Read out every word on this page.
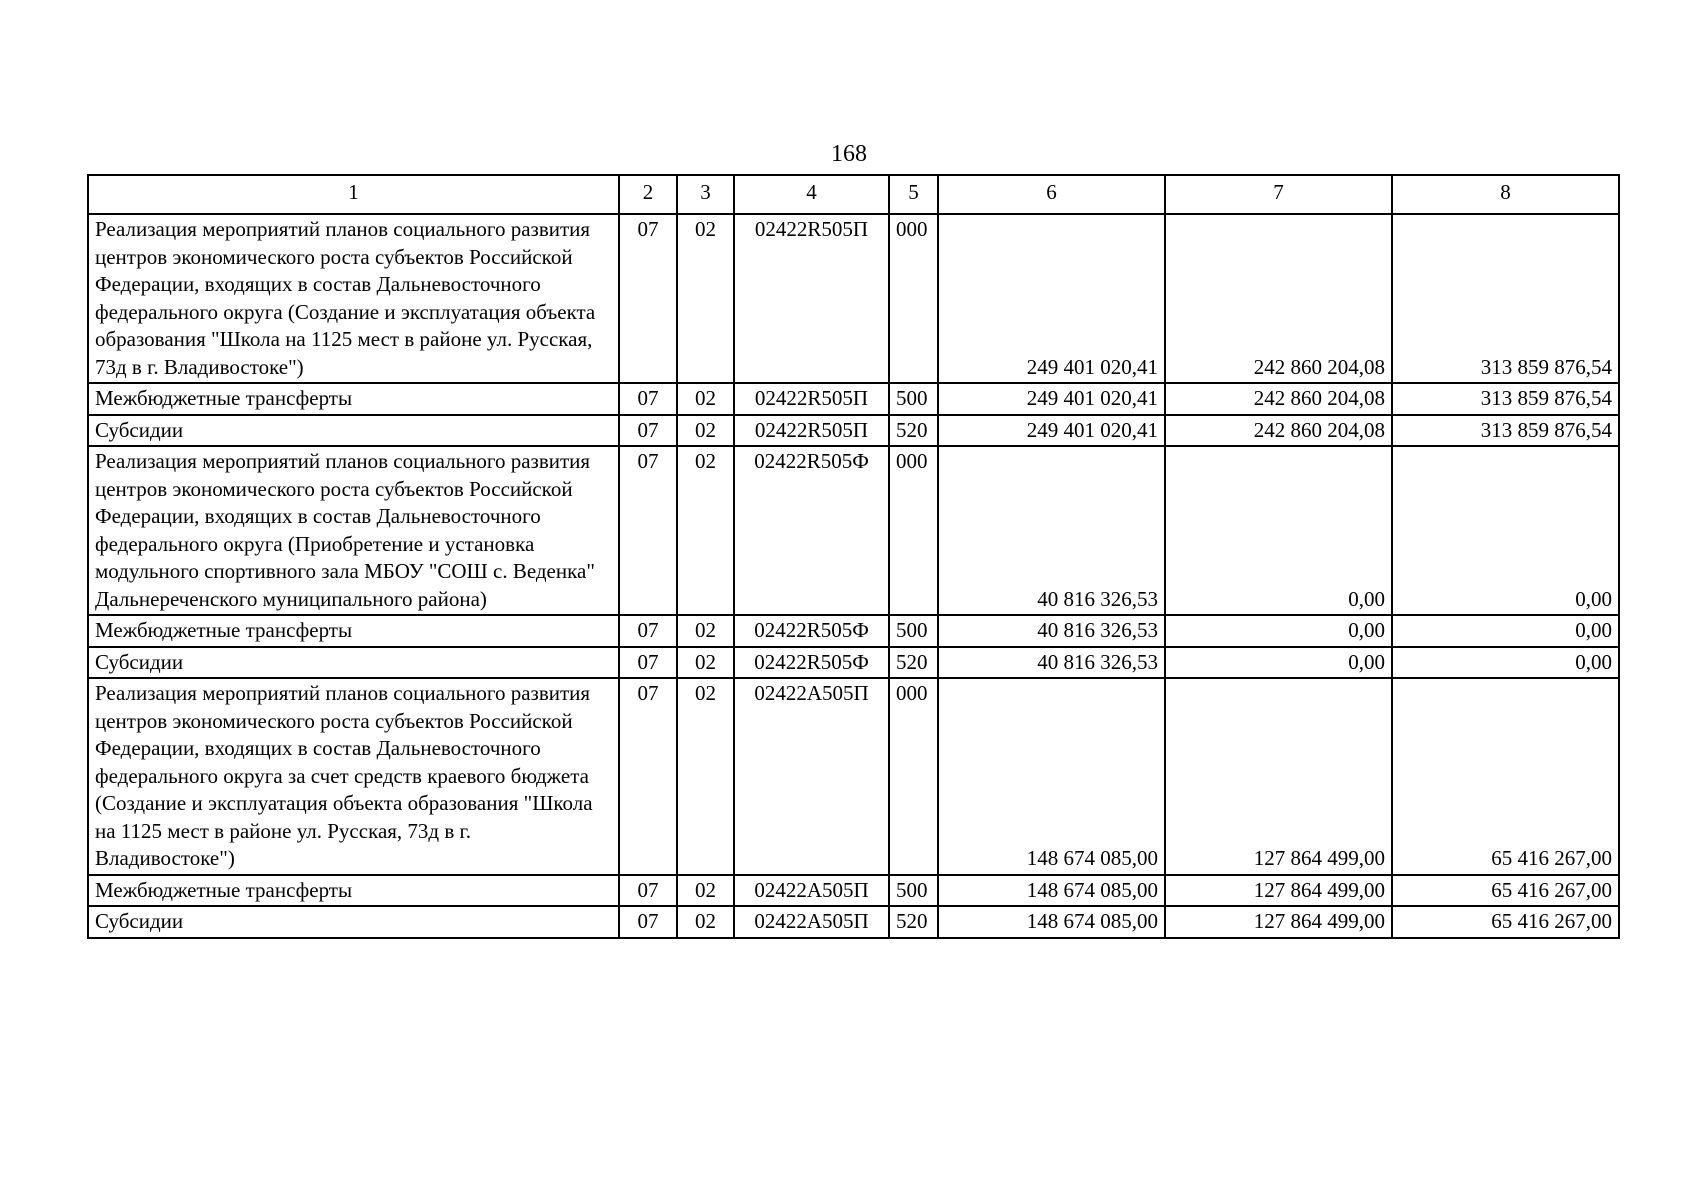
168
1	2	3	4	5	6	7	8
Реализация мероприятий планов социального развития центров экономического роста субъектов Российской Федерации, входящих в состав Дальневосточного федерального округа (Создание и эксплуатация объекта образования "Школа на 1125 мест в районе ул. Русская, 73д в г. Владивостоке")	07	02	02422R505П	000	249 401 020,41	242 860 204,08	313 859 876,54
Межбюджетные трансферты	07	02	02422R505П	500	249 401 020,41	242 860 204,08	313 859 876,54
Субсидии	07	02	02422R505П	520	249 401 020,41	242 860 204,08	313 859 876,54
Реализация мероприятий планов социального развития центров экономического роста субъектов Российской Федерации, входящих в состав Дальневосточного федерального округа (Приобретение и установка модульного спортивного зала МБОУ "СОШ с. Веденка" Дальнереченского муниципального района)	07	02	02422R505Ф	000	40 816 326,53	0,00	0,00
Межбюджетные трансферты	07	02	02422R505Ф	500	40 816 326,53	0,00	0,00
Субсидии	07	02	02422R505Ф	520	40 816 326,53	0,00	0,00
Реализация мероприятий планов социального развития центров экономического роста субъектов Российской Федерации, входящих в состав Дальневосточного федерального округа за счет средств краевого бюджета (Создание и эксплуатация объекта образования "Школа на 1125 мест в районе ул. Русская, 73д в г. Владивостоке")	07	02	02422А505П	000	148 674 085,00	127 864 499,00	65 416 267,00
Межбюджетные трансферты	07	02	02422А505П	500	148 674 085,00	127 864 499,00	65 416 267,00
Субсидии	07	02	02422А505П	520	148 674 085,00	127 864 499,00	65 416 267,00
